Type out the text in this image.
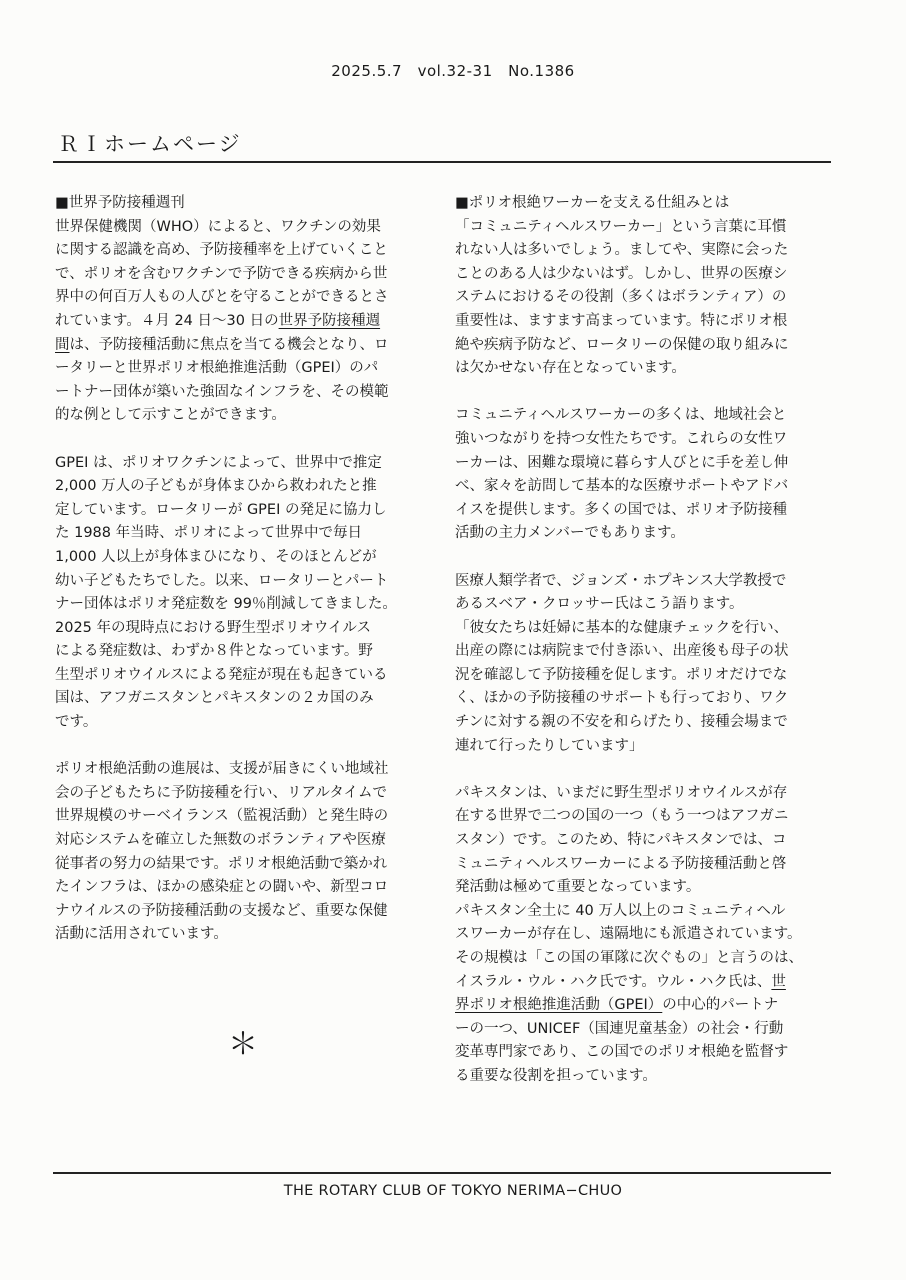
2025.5.7　vol.32-31　No.1386
ＲＩホームページ
■世界予防接種週刊
世界保健機関（WHO）によると、ワクチンの効果
に関する認識を高め、予防接種率を上げていくこと
で、ポリオを含むワクチンで予防できる疾病から世
界中の何百万人もの人びとを守ることができるとさ
れています。４月 24 日〜30 日の世界予防接種週
間は、予防接種活動に焦点を当てる機会となり、ロ
ータリーと世界ポリオ根絶推進活動（GPEI）のパ
ートナー団体が築いた強固なインフラを、その模範
的な例として示すことができます。
GPEI は、ポリオワクチンによって、世界中で推定
2,000 万人の子どもが身体まひから救われたと推
定しています。ロータリーが GPEI の発足に協力し
た 1988 年当時、ポリオによって世界中で毎日
1,000 人以上が身体まひになり、そのほとんどが
幼い子どもたちでした。以来、ロータリーとパート
ナー団体はポリオ発症数を 99％削減してきました。
2025 年の現時点における野生型ポリオウイルス
による発症数は、わずか８件となっています。野
生型ポリオウイルスによる発症が現在も起きている
国は、アフガニスタンとパキスタンの２カ国のみ
です。
ポリオ根絶活動の進展は、支援が届きにくい地域社
会の子どもたちに予防接種を行い、リアルタイムで
世界規模のサーベイランス（監視活動）と発生時の
対応システムを確立した無数のボランティアや医療
従事者の努力の結果です。ポリオ根絶活動で築かれ
たインフラは、ほかの感染症との闘いや、新型コロ
ナウイルスの予防接種活動の支援など、重要な保健
活動に活用されています。
＊
■ポリオ根絶ワーカーを支える仕組みとは
「コミュニティヘルスワーカー」という言葉に耳慣
れない人は多いでしょう。ましてや、実際に会った
ことのある人は少ないはず。しかし、世界の医療シ
ステムにおけるその役割（多くはボランティア）の
重要性は、ますます高まっています。特にポリオ根
絶や疾病予防など、ロータリーの保健の取り組みに
は欠かせない存在となっています。
コミュニティヘルスワーカーの多くは、地域社会と
強いつながりを持つ女性たちです。これらの女性ワ
ーカーは、困難な環境に暮らす人びとに手を差し伸
べ、家々を訪問して基本的な医療サポートやアドバ
イスを提供します。多くの国では、ポリオ予防接種
活動の主力メンバーでもあります。
医療人類学者で、ジョンズ・ホプキンス大学教授で
あるスベア・クロッサー氏はこう語ります。
「彼女たちは妊婦に基本的な健康チェックを行い、
出産の際には病院まで付き添い、出産後も母子の状
況を確認して予防接種を促します。ポリオだけでな
く、ほかの予防接種のサポートも行っており、ワク
チンに対する親の不安を和らげたり、接種会場まで
連れて行ったりしています」
パキスタンは、いまだに野生型ポリオウイルスが存
在する世界で二つの国の一つ（もう一つはアフガニ
スタン）です。このため、特にパキスタンでは、コ
ミュニティヘルスワーカーによる予防接種活動と啓
発活動は極めて重要となっています。
パキスタン全土に 40 万人以上のコミュニティヘル
スワーカーが存在し、遠隔地にも派遣されています。
その規模は「この国の軍隊に次ぐもの」と言うのは、
イスラル・ウル・ハク氏です。ウル・ハク氏は、世
界ポリオ根絶推進活動（GPEI）の中心的パートナ
ーの一つ、UNICEF（国連児童基金）の社会・行動
変革専門家であり、この国でのポリオ根絶を監督す
る重要な役割を担っています。
THE ROTARY CLUB OF TOKYO NERIMA−CHUO
